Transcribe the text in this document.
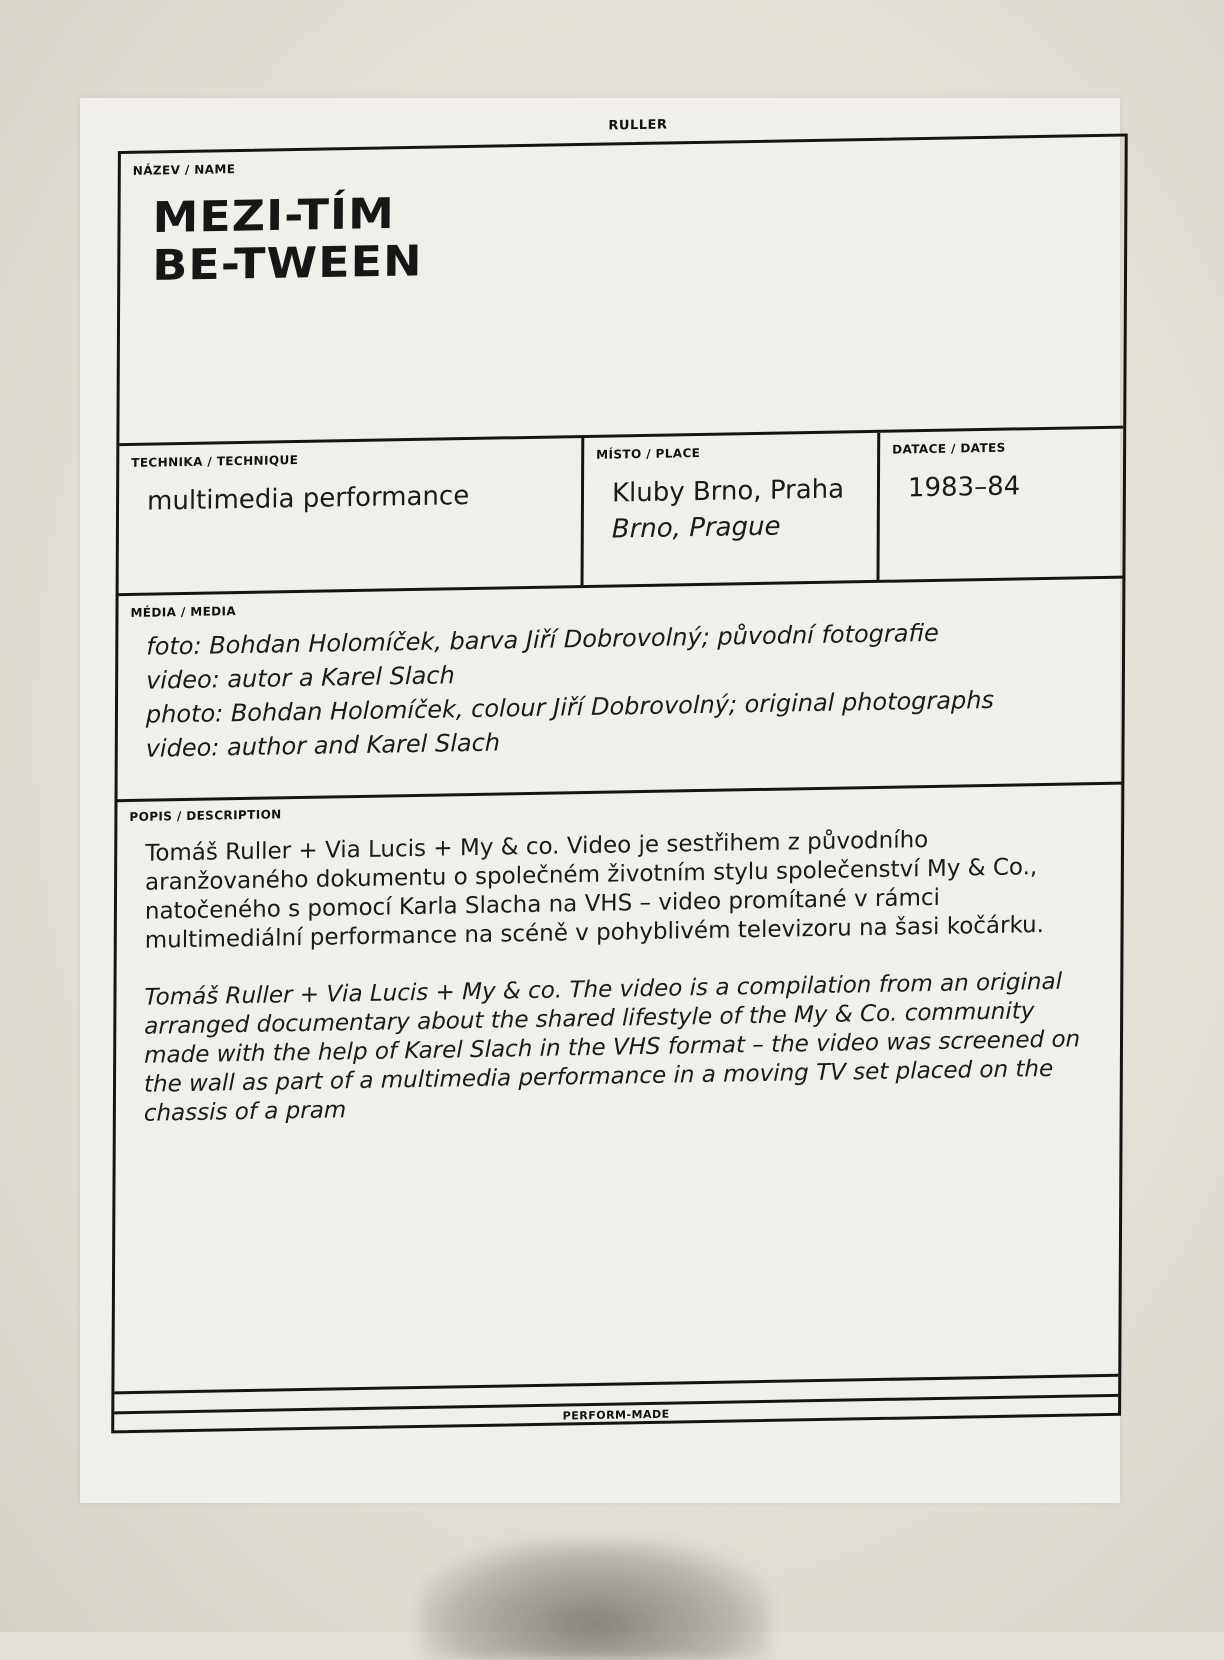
RULLER
NÁZEV / NAME
MEZI-TÍM
BE-TWEEN
TECHNIKA / TECHNIQUE
multimedia performance
MÍSTO / PLACE
Kluby Brno, Praha
Brno, Prague
DATACE / DATES
1983–84
MÉDIA / MEDIA
foto: Bohdan Holomíček, barva Jiří Dobrovolný; původní fotografie
video: autor a Karel Slach
photo: Bohdan Holomíček, colour Jiří Dobrovolný; original photographs
video: author and Karel Slach
POPIS / DESCRIPTION
Tomáš Ruller + Via Lucis + My & co. Video je sestřihem z původního aranžovaného dokumentu o společném životním stylu společenství My & Co., natočeného s pomocí Karla Slacha na VHS – video promítané v rámci multimediální performance na scéně v pohyblivém televizoru na šasi kočárku.
Tomáš Ruller + Via Lucis + My & co. The video is a compilation from an original arranged documentary about the shared lifestyle of the My & Co. community made with the help of Karel Slach in the VHS format – the video was screened on the wall as part of a multimedia performance in a moving TV set placed on the chassis of a pram
PERFORM-MADE
